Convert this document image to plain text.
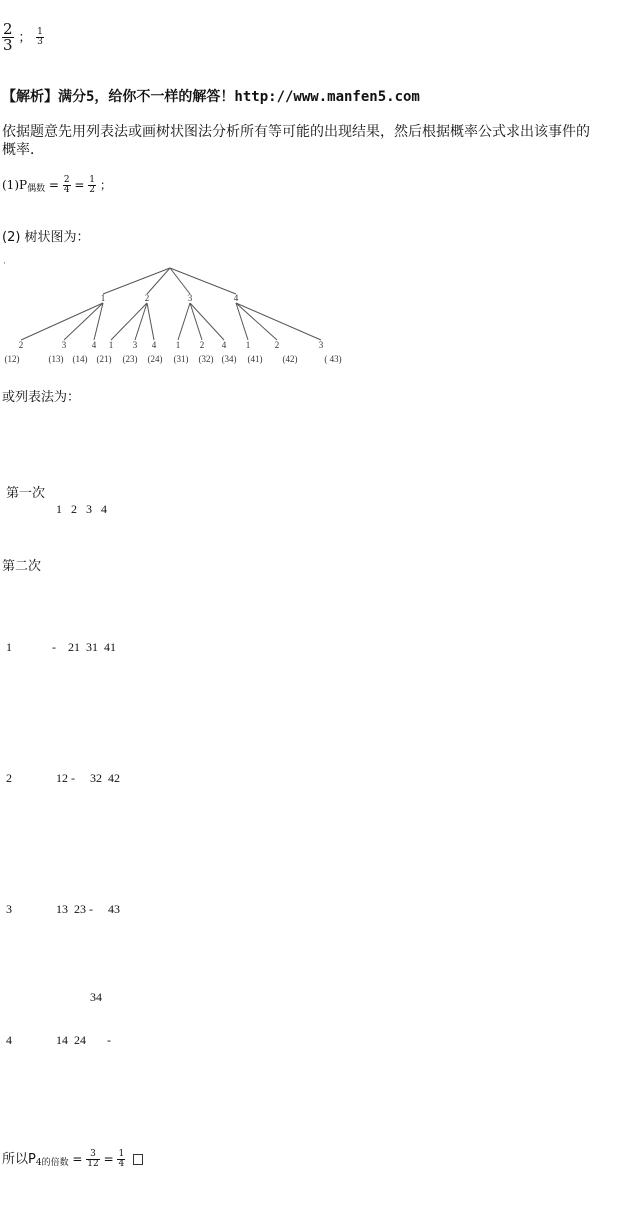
$\frac{2}{3}$ ； $\frac{1}{3}$
【解析】满分5，给你不一样的解答！http://www.manfen5.com
依据题意先用列表法或画树状图法分析所有等可能的出现结果，然后根据概率公式求出该事件的
概率．
$(1)P_{偶数} = \frac{2}{4} = \frac{1}{2}$ ；
(2) 树状图为：
·
1	2	3	4
2	3	4 1 3 4 1 2 4 1	2	3
(12)	(13) (14) (21) (23) (24) (31) (32) (34) (41) (42)	( 43)
或列表法为：
第一次
1   2   3   4
第二次
1	-    21  31  41
2	12 -     32  42
3	13  23 -     43
34
4	14  24       -
所以$P_{4的倍数} = \frac{3}{12} = \frac{1}{4}$
